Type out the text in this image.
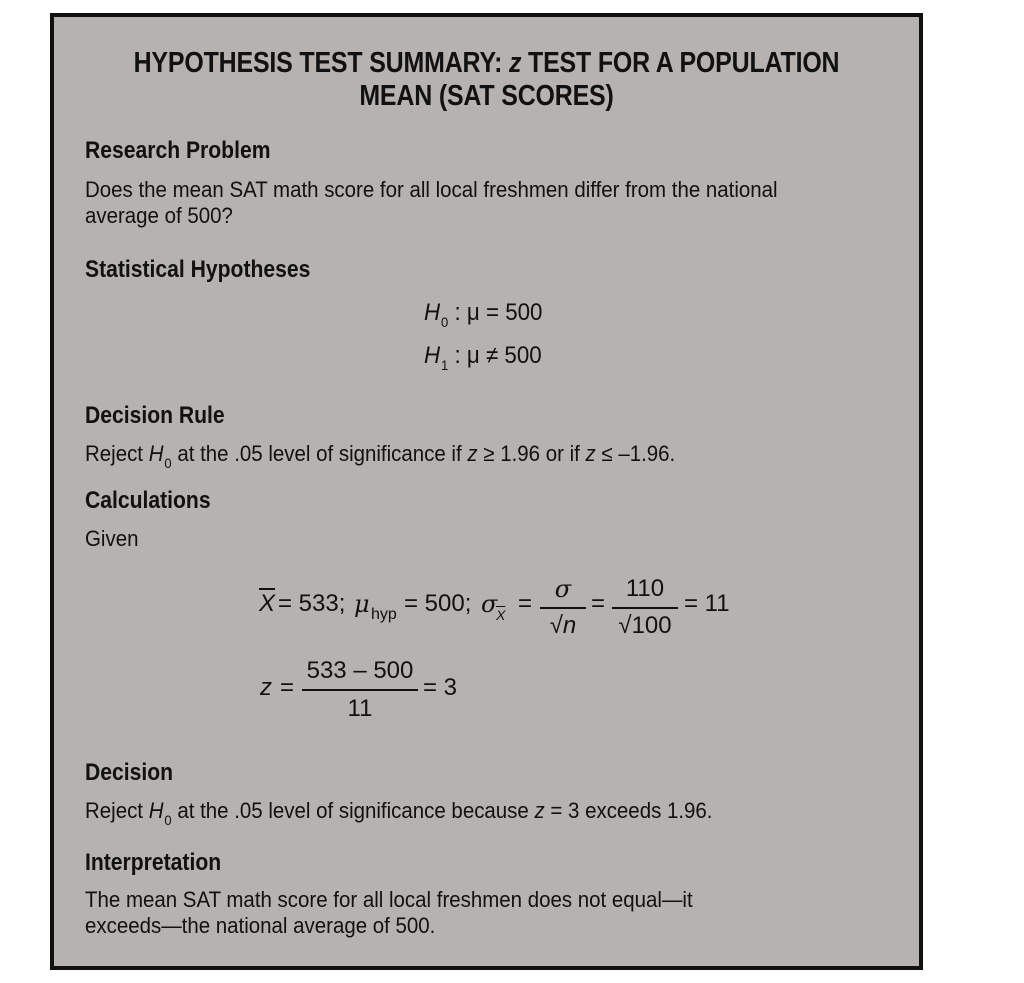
HYPOTHESIS TEST SUMMARY: z TEST FOR A POPULATION
MEAN (SAT SCORES)
Research Problem
Does the mean SAT math score for all local freshmen differ from the national
average of 500?
Statistical Hypotheses
$H_0$ : μ = 500
$H_1$ : μ ≠ 500
Decision Rule
Reject $H_0$ at the .05 level of significance if z ≥ 1.96 or if z ≤ –1.96.
Calculations
Given
$\overline{X} = 533$; μ hyp = 500; σ
$\overline{X}$ =
σ
√n
=
110
√100
= 11
z =
533 – 500
11
= 3
Decision
Reject $H_0$ at the .05 level of significance because z = 3 exceeds 1.96.
Interpretation
The mean SAT math score for all local freshmen does not equal—it
exceeds—the national average of 500.
